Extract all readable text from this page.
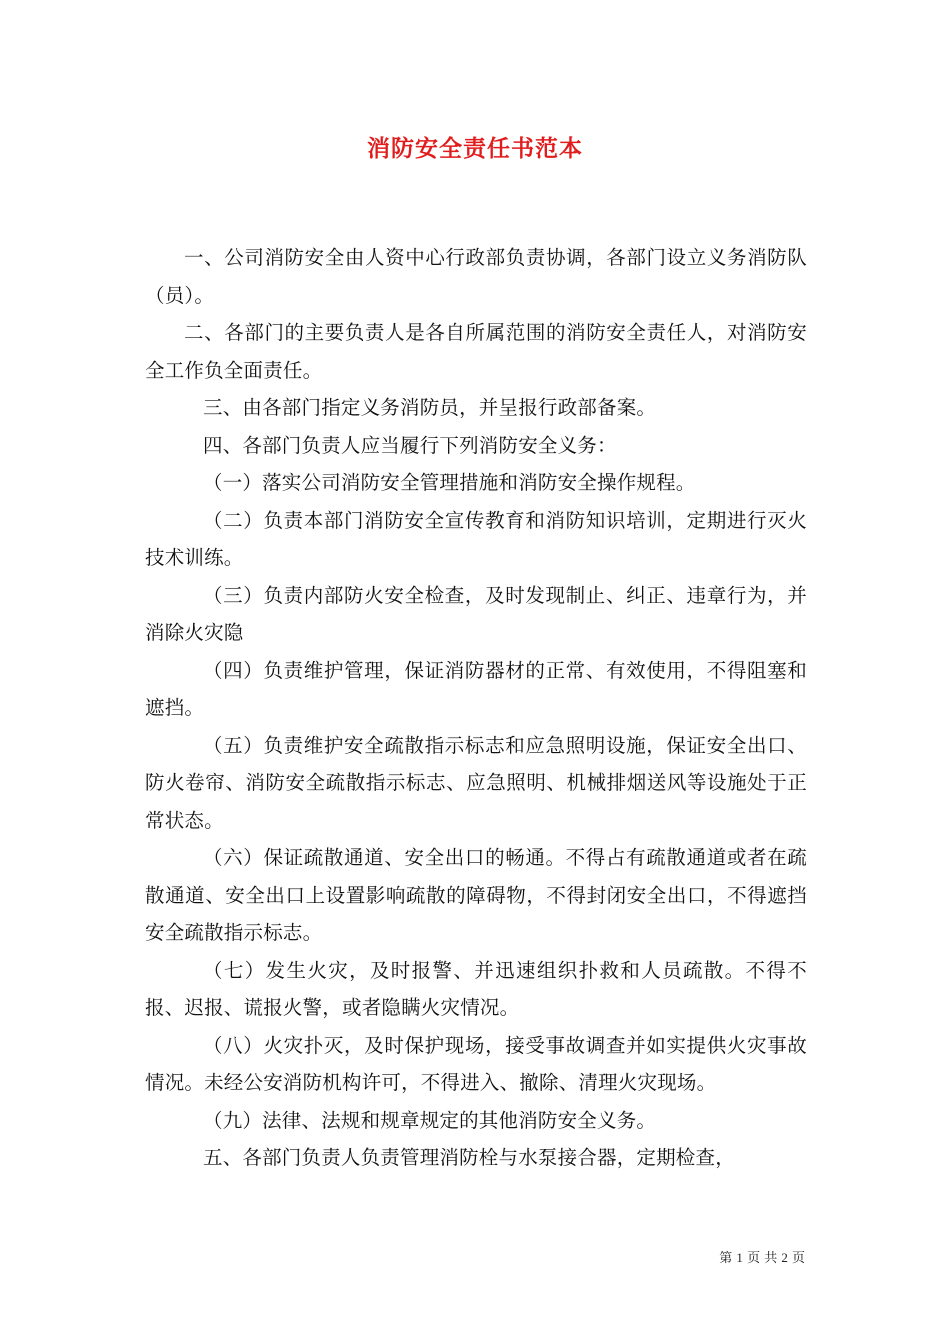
消防安全责任书范本

一、公司消防安全由人资中心行政部负责协调，各部门设立义务消防队（员）。

二、各部门的主要负责人是各自所属范围的消防安全责任人，对消防安全工作负全面责任。

三、由各部门指定义务消防员，并呈报行政部备案。

四、各部门负责人应当履行下列消防安全义务：

（一）落实公司消防安全管理措施和消防安全操作规程。

（二）负责本部门消防安全宣传教育和消防知识培训，定期进行灭火技术训练。

（三）负责内部防火安全检查，及时发现制止、纠正、违章行为，并消除火灾隐

（四）负责维护管理，保证消防器材的正常、有效使用，不得阻塞和遮挡。

（五）负责维护安全疏散指示标志和应急照明设施，保证安全出口、防火卷帘、消防安全疏散指示标志、应急照明、机械排烟送风等设施处于正常状态。

（六）保证疏散通道、安全出口的畅通。不得占有疏散通道或者在疏散通道、安全出口上设置影响疏散的障碍物，不得封闭安全出口，不得遮挡安全疏散指示标志。

（七）发生火灾，及时报警、并迅速组织扑救和人员疏散。不得不报、迟报、谎报火警，或者隐瞒火灾情况。

（八）火灾扑灭，及时保护现场，接受事故调查并如实提供火灾事故情况。未经公安消防机构许可，不得进入、撤除、清理火灾现场。

（九）法律、法规和规章规定的其他消防安全义务。

五、各部门负责人负责管理消防栓与水泵接合器，定期检查，

第 1 页 共 2 页
